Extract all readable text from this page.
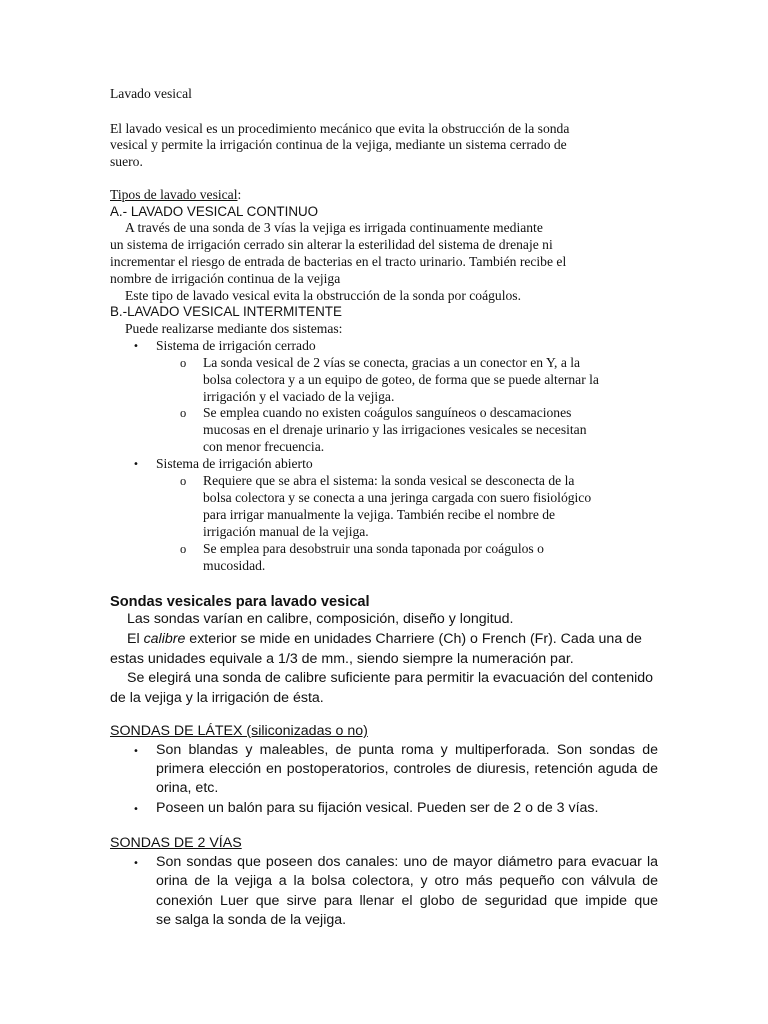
Lavado vesical

El lavado vesical es un procedimiento mecánico que evita la obstrucción de la sonda

vesical y permite la irrigación continua de la vejiga, mediante un sistema cerrado de

suero.

Tipos de lavado vesical:

A.- LAVADO VESICAL CONTINUO

A través de una sonda de 3 vías la vejiga es irrigada continuamente mediante

un sistema de irrigación cerrado sin alterar la esterilidad del sistema de drenaje ni

incrementar el riesgo de entrada de bacterias en el tracto urinario. También recibe el

nombre de irrigación continua de la vejiga

Este tipo de lavado vesical evita la obstrucción de la sonda por coágulos.

B.-LAVADO VESICAL INTERMITENTE

Puede realizarse mediante dos sistemas:

• Sistema de irrigación cerrado

o La sonda vesical de 2 vías se conecta, gracias a un conector en Y, a la

bolsa colectora y a un equipo de goteo, de forma que se puede alternar la

irrigación y el vaciado de la vejiga.

o Se emplea cuando no existen coágulos sanguíneos o descamaciones

mucosas en el drenaje urinario y las irrigaciones vesicales se necesitan

con menor frecuencia.

• Sistema de irrigación abierto

o Requiere que se abra el sistema: la sonda vesical se desconecta de la

bolsa colectora y se conecta a una jeringa cargada con suero fisiológico

para irrigar manualmente la vejiga. También recibe el nombre de

irrigación manual de la vejiga.

o Se emplea para desobstruir una sonda taponada por coágulos o

mucosidad.

Sondas vesicales para lavado vesical

Las sondas varían en calibre, composición, diseño y longitud.

El calibre exterior se mide en unidades Charriere (Ch) o French (Fr). Cada una de

estas unidades equivale a 1/3 de mm., siendo siempre la numeración par.

Se elegirá una sonda de calibre suficiente para permitir la evacuación del contenido

de la vejiga y la irrigación de ésta.

SONDAS DE LÁTEX (siliconizadas o no)

• Son blandas y maleables, de punta roma y multiperforada. Son sondas de

primera elección en postoperatorios, controles de diuresis, retención aguda de

orina, etc.

• Poseen un balón para su fijación vesical. Pueden ser de 2 o de 3 vías.

SONDAS DE 2 VÍAS

• Son sondas que poseen dos canales: uno de mayor diámetro para evacuar la

orina de la vejiga a la bolsa colectora, y otro más pequeño con válvula de

conexión Luer que sirve para llenar el globo de seguridad que impide que

se salga la sonda de la vejiga.
